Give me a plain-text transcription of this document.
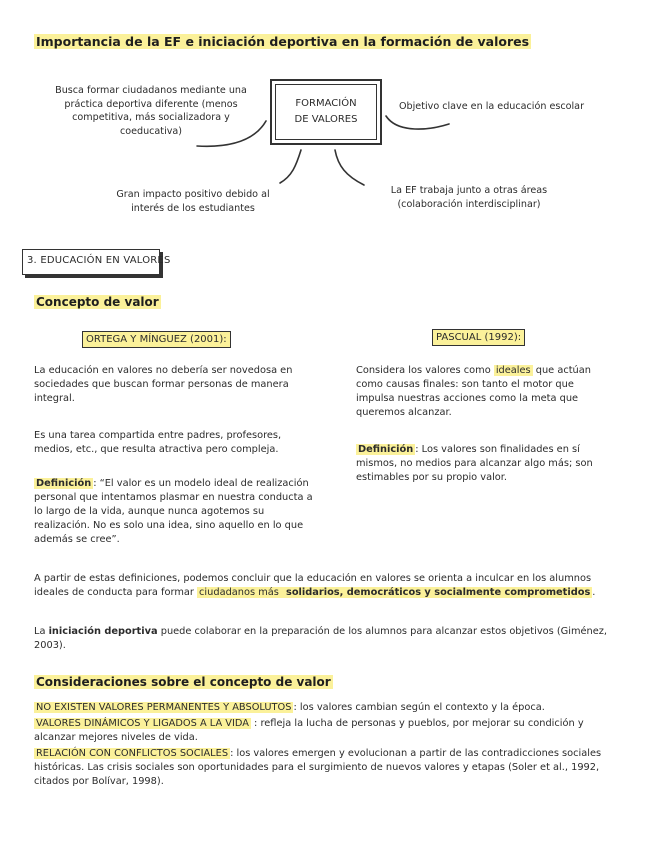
Importancia de la EF e iniciación deportiva en la formación de valores
Busca formar ciudadanos mediante una práctica deportiva diferente (menos competitiva, más socializadora y coeducativa)
FORMACIÓN DE VALORES
Objetivo clave en la educación escolar
Gran impacto positivo debido al interés de los estudiantes
La EF trabaja junto a otras áreas (colaboración interdisciplinar)
3. EDUCACIÓN EN VALORES
Concepto de valor
ORTEGA Y MÍNGUEZ (2001):
La educación en valores no debería ser novedosa en sociedades que buscan formar personas de manera integral.
Es una tarea compartida entre padres, profesores, medios, etc., que resulta atractiva pero compleja.
Definición : “El valor es un modelo ideal de realización personal que intentamos plasmar en nuestra conducta a lo largo de la vida, aunque nunca agotemos su realización. No es solo una idea, sino aquello en lo que además se cree”.
PASCUAL (1992):
Considera los valores como ideales que actúan como causas finales: son tanto el motor que impulsa nuestras acciones como la meta que queremos alcanzar.
Definición : Los valores son finalidades en sí mismos, no medios para alcanzar algo más; son estimables por su propio valor.
A partir de estas definiciones, podemos concluir que la educación en valores se orienta a inculcar en los alumnos ideales de conducta para formar ciudadanos más solidarios, democráticos y socialmente comprometidos .
La iniciación deportiva puede colaborar en la preparación de los alumnos para alcanzar estos objetivos (Giménez, 2003).
Consideraciones sobre el concepto de valor
NO EXISTEN VALORES PERMANENTES Y ABSOLUTOS : los valores cambian según el contexto y la época.
VALORES DINÁMICOS Y LIGADOS A LA VIDA : refleja la lucha de personas y pueblos, por mejorar su condición y alcanzar mejores niveles de vida.
RELACIÓN CON CONFLICTOS SOCIALES : los valores emergen y evolucionan a partir de las contradicciones sociales históricas. Las crisis sociales son oportunidades para el surgimiento de nuevos valores y etapas (Soler et al., 1992, citados por Bolívar, 1998).
